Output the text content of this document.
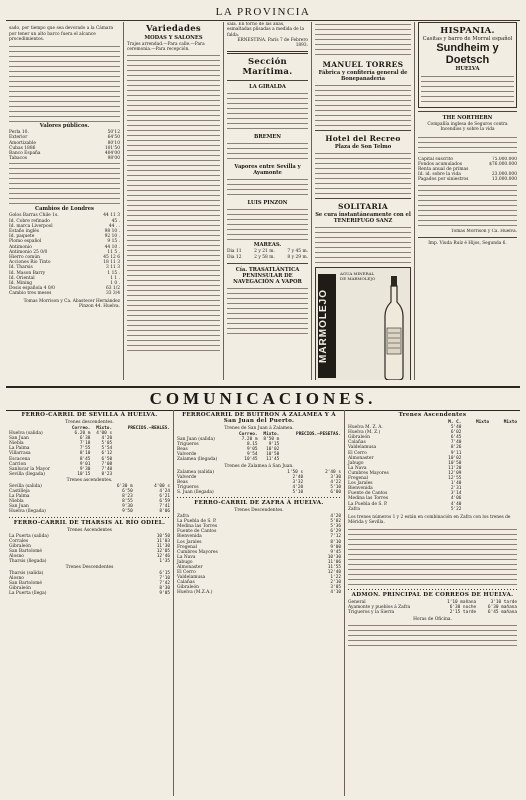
LA PROVINCIA

sado, por tiempo que sea devorado a la Cámara por tener un alto barco fuera el alcance procedimientos.

Valores públicos.
Perla 10.	50'12
Exterior	64'50
Amortizable	80'10
Cubas 1886	101'50
Banco España	404'00
Tabacos	98'00
Cambios de Londres
Golos Barras Chile 1s.	44 11 3
Id. Cobre refinado	45 .
Id. marca Liverpool	44 . .
Estaño inglés	98 10 .
Id. paquete	92 10 .
Plomo español	9 15 .
Antimonio	44 10 .
Antimonio 25 0/0	11 5 .
Hierro común	45 12 6
Acciones Rio Tinto	18 11 3
Id. Tharsis	3 11 3
Id. Mason Barry	1 15 .
Id. Oriental	1 1 .
Id. Mining	1 0 .
Dosis española 4 0/0	63 1/2
Cambio tres meses	33 3/4
Tomas Morrison y Ca. Abastecer Hernández Pinzon 44. Huelva.
Variedades
MODAS Y SALONES

Trajes arrendad.—Para calle.—Para ceremonia.—Para recepción.

sala. En torno de las anas, esmaltadas plisadas a medida de la falda.

ERNESTINA. París 7 de Febrero 1893.
Sección Marítima.
LA GIRALDA
BREMEN
Vapores entre Sevilla y Ayamonte
LUIS PINZON
MAREAS.
Dia 11	2 y 21 m.	7 y 45 m.
Dia 12	2 y 58 m.	8 y 29 m.
Cía. TRASATLÁNTICA PENINSULAR DE NAVEGACIÓN A VAPOR
MANUEL TORRES
Fábrica y confitería general de Bonepanadería
Hotel del Recreo
Plaza de Son Telmo
SOLITARIA
Se cura instantáneamente con el TENERIFUGO SANZ
MARMOLEJO
AGUA MINERAL DE MARMOLEJO
HISPANIA.
Casitas y barro de Morral español
Sundheim y Doetsch
HUELVA
THE NORTHERN
Compañía inglesa de Seguros contra Incendios y sobre la vida
Capital suscrito	75.000.000
Fondos acumulados	$76.000.000
Renta anual de primas
Id. id. sobre la vida	23.000.000
Pagados por siniestros	13.000.000
Tomas Morrison y Ca. Huelva.
Imp. Viuda Ruíz é Hijos, Segunda 6.
COMUNICACIONES.
FERRO-CARRIL DE SEVILLA Á HUELVA.
Trenes descendentes.
	Correo.	Mixto.	PRECIOS.—REALES.
Huelva (salida)	6.20 m	4'00 s	
San Juan	6'38	4'20	
Niebla	7'18	5'05	
La Palma	7'55	5'54	
Villarrasa	8'10	6'12	
Escacena	8'45	6'50	
Carrion	9'01	7'08	
Sanlucar la Mayor	9'30	7'40	
Sevilla (llegada)	10'15	8'23	
Trenes ascendentes.
Sevilla (salida)	6'30 m	4'00 s
Castilleja	6'50	4'24
La Palma	8'23	6'21
Niebla	8'55	6'59
San Juan	9'30	7'41
Huelva (llegada)	9'50	8'06
FERRO-CARRIL DE THARSIS AL RÍO ODIEL.
Trenes Ascendentes
La Puerta (salida)	10'50
Corrales	11'03
Gibraleón	11'30
San Bartolomé	12'05
Alosno	12'46
Tharsis (llegada)	1'35
Trenes Descendentes
Tharsis (salida)	6'15
Alosno	7'10
San Bartolomé	7'42
Gibraleón	8'30
La Puerta (llega)	9'05
FERROCARRIL DE BUITRON Á ZALAMEA Y Á San Juan del Puerto.
Trenes de San Juan á Zalamea.
	Correo.	Mixto.	PRECIOS.—PESETAS.
San Juan (salida)	7.20 m	8'50 m	
Trigueros	8.15	9'15	
Beas	9'05	10'02	
Valverde	9'54	10'50	
Zalamea (llegada)	10'45	11'45	
Trenes de Zalamea á San Juan.
Zalamea (salida)	1'50 s	2'40 s
Valverde	2'40	3'30
Beas	3'32	4'22
Trigueros	4'20	5'10
S. Juan (llegada)	5'10	6'00
FERRO-CARRIL DE ZAFRA Á HUELVA.
Trenes Descendentes.
Zafra	4'20
La Puebla de S. P.	5'02
Medina las Torres	5'36
Fuente de Cantos	6'29
Bienvenida	7'12
Los Jarales	8'10
Fregenal	9'00
Cumbres Mayores	9'45
La Nava	10'30
Jabugo	11'06
Almonaster	11'55
El Cerro	12'40
Valdelamusa	1'22
Calañas	2'10
Gibraleón	3'05
Huelva (M.Z.A.)	4'10
Trenes Ascendentes
	M. C.	Mixto	Mixto
Huelva M. Z. A.	5'40		
Huelva (M. Z.)	6'02		
Gibraleón	6'45		
Calañas	7'40		
Valdelamusa	8'26		
El Cerro	9'11		
Almonaster	10'02		
Jabugo	10'50		
La Nava	11'20		
Cumbres Mayores	12'09		
Fregenal	12'55		
Los Jarales	1'40		
Bienvenida	2'31		
Fuente de Cantos	3'14		
Medina las Torres	4'06		
La Puebla de S. P.	4'40		
Zafra	5'22		

Los trenes números 1 y 2 están en combinación en Zafra con los trenes de Mérida y Sevilla.

ADMON. PRINCIPAL DE CORREOS DE HUELVA.
General	1'10 mañana	3'10 tarde
Ayamonte y pueblos á Zafra	6'30 noche	6'30 mañana
Trigueros y la Sierra	2'15 tarde	6'45 mañana
Horas de Oficina.
